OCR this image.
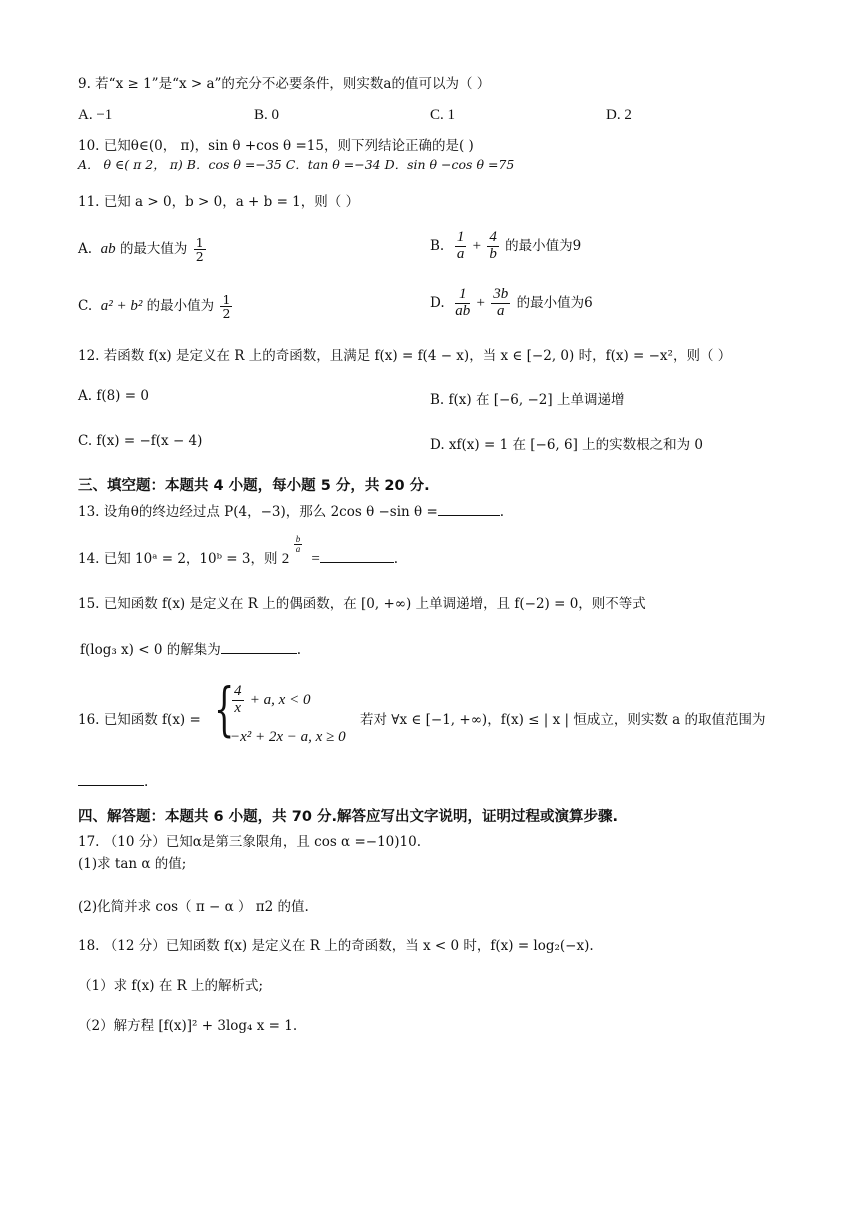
9. 若“x ≥ 1”是“x > a”的充分不必要条件，则实数a的值可以为（ ）
A. −1	B. 0	C. 1	D. 2
10. 已知θ∈(0， π)，sin θ +cos θ =15，则下列结论正确的是( )
A． θ ∈( π 2， π) B．cos θ =−35 C．tan θ =−34 D．sin θ −cos θ =75
11. 已知 a > 0，b > 0，a + b = 1，则（ ）
A. ab 的最大值为 $\frac{1}{2}$	B. $\frac{1}{a} + \frac{4}{b}$ 的最小值为9
C. a² + b² 的最小值为 $\frac{1}{2}$	D. $\frac{1}{ab} + \frac{3b}{a}$ 的最小值为6
12. 若函数 f(x) 是定义在 R 上的奇函数，且满足 f(x) = f(4 − x)，当 x ∈ [−2, 0) 时，f(x) = −x²，则（ ）
A. f(8) = 0	B. f(x) 在 [−6, −2] 上单调递增
C. f(x) = −f(x − 4)	D. xf(x) = 1 在 [−6, 6] 上的实数根之和为 0
三、填空题：本题共 4 小题，每小题 5 分，共 20 分.
13. 设角θ的终边经过点 P(4，−3)，那么 2cos θ −sin θ =	.
14. 已知 10ᵃ = 2，10ᵇ = 3，则 2
$\frac{b}{a}$
=	.
15. 已知函数 f(x) 是定义在 R 上的偶函数，在 [0, +∞) 上单调递增，且 f(−2) = 0，则不等式
f(log₃ x) < 0 的解集为	.
16. 已知函数 f(x) = {
$\frac{4}{x} + a$, x < 0
−x² + 2x − a, x ≥ 0
若对 ∀x ∈ [−1, +∞)，f(x) ≤ | x | 恒成立，则实数 a 的取值范围为
.
四、解答题：本题共 6 小题，共 70 分.解答应写出文字说明，证明过程或演算步骤.
17. （10 分）已知α是第三象限角，且 cos α =−10)10.
(1)求 tan α 的值;
(2)化简并求 cos（ π − α ） π2 的值.
18. （12 分）已知函数 f(x) 是定义在 R 上的奇函数，当 x < 0 时，f(x) = log₂(−x).
（1）求 f(x) 在 R 上的解析式;
（2）解方程 [f(x)]² + 3log₄ x = 1.
